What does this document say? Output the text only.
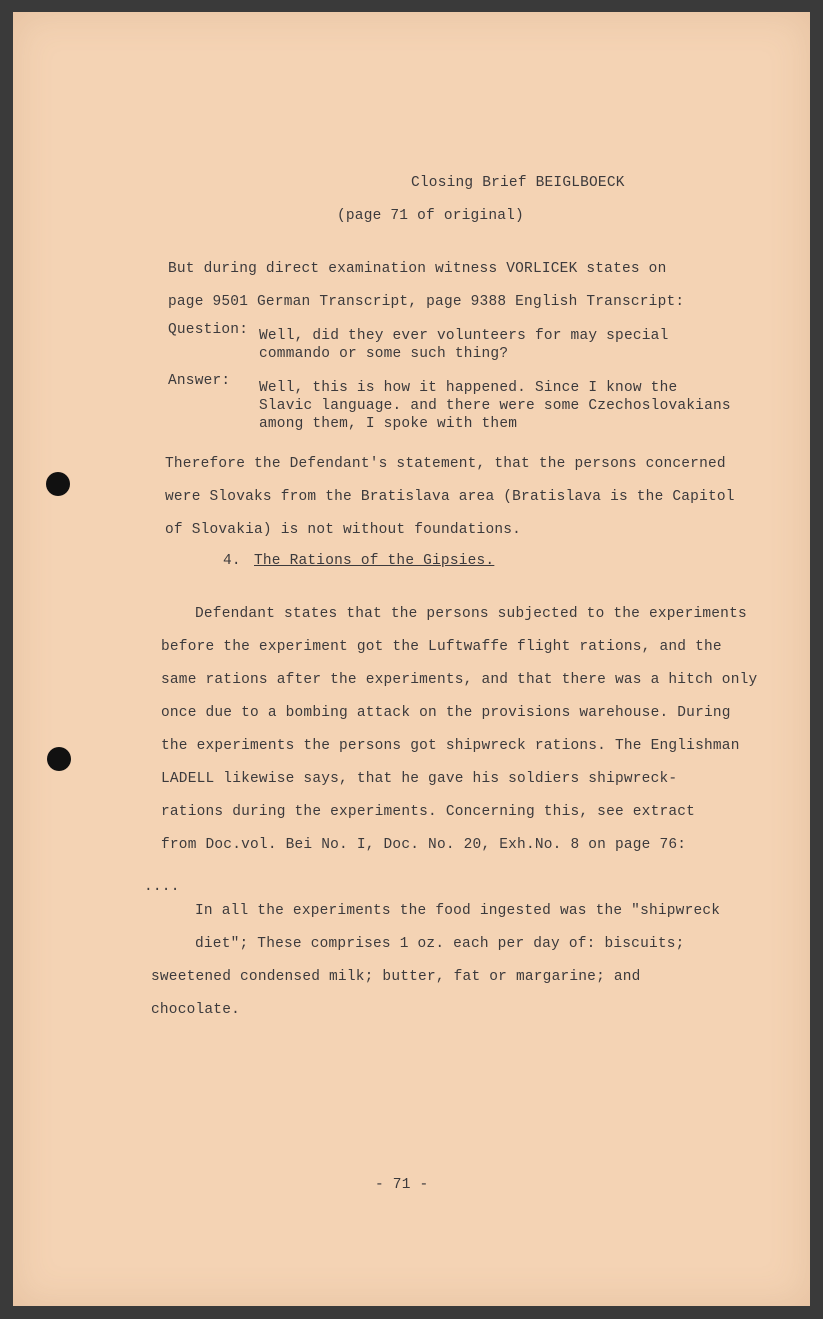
Closing Brief BEIGLBOECK

(page 71 of original)

But during direct examination witness VORLICEK states on

page 9501 German Transcript, page 9388 English Transcript:

Question: Well, did they ever volunteers for may special

commando or some such thing?

Answer: Well, this is how it happened. Since I know the

Slavic language. and there were some Czechoslovakians

among them, I spoke with them

Therefore the Defendant's statement, that the persons concerned

were Slovaks from the Bratislava area (Bratislava is the Capitol

of Slovakia) is not without foundations.

4. The Rations of the Gipsies.

Defendant states that the persons subjected to the experiments

before the experiment got the Luftwaffe flight rations, and the

same rations after the experiments, and that there was a hitch only

once due to a bombing attack on the provisions warehouse. During

the experiments the persons got shipwreck rations. The Englishman

LADELL likewise says, that he gave his soldiers shipwreck-

rations during the experiments. Concerning this, see extract

from Doc.vol. Bei No. I, Doc. No. 20, Exh.No. 8 on page 76:

....

In all the experiments the food ingested was the "shipwreck

diet"; These comprises 1 oz. each per day of: biscuits;

sweetened condensed milk; butter, fat or margarine; and

chocolate.

- 71 -
